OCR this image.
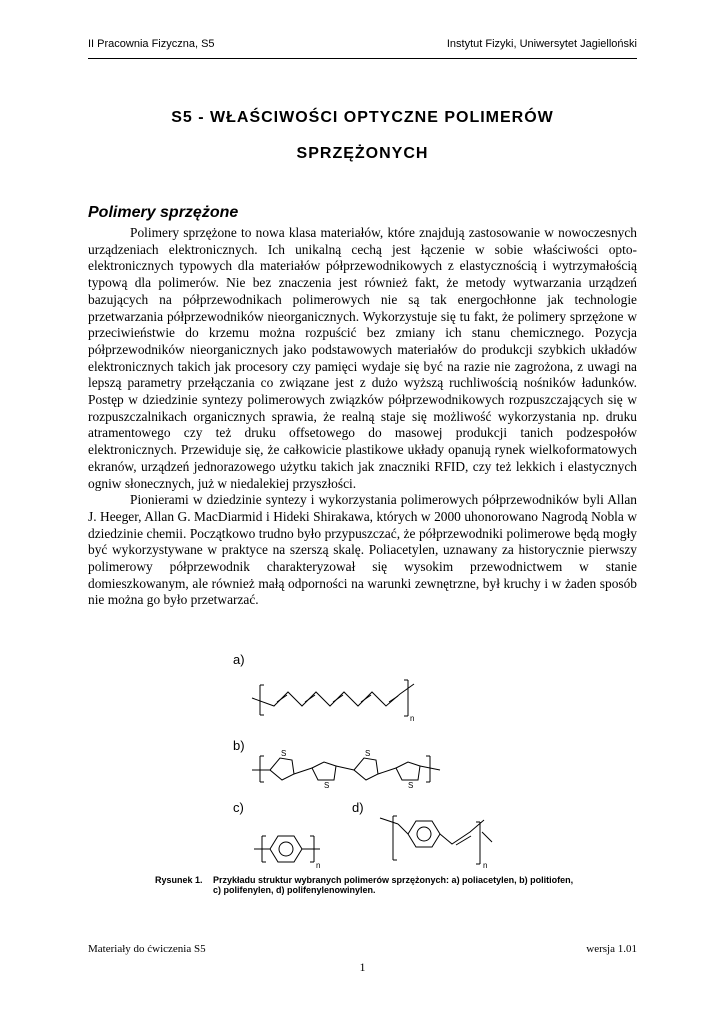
II Pracownia Fizyczna, S5	Instytut Fizyki, Uniwersytet Jagielloński
S5 - WŁAŚCIWOŚCI OPTYCZNE POLIMERÓW
SPRZĘŻONYCH
Polimery sprzężone

Polimery sprzężone to nowa klasa materiałów, które znajdują zastosowanie w nowoczesnych urządzeniach elektronicznych. Ich unikalną cechą jest łączenie w sobie właściwości opto-elektronicznych typowych dla materiałów półprzewodnikowych z elastycznością i wytrzymałością typową dla polimerów. Nie bez znaczenia jest również fakt, że metody wytwarzania urządzeń bazujących na półprzewodnikach polimerowych nie są tak energochłonne jak technologie przetwarzania półprzewodników nieorganicznych. Wykorzystuje się tu fakt, że polimery sprzężone w przeciwieństwie do krzemu można rozpuścić bez zmiany ich stanu chemicznego. Pozycja półprzewodników nieorganicznych jako podstawowych materiałów do produkcji szybkich układów elektronicznych takich jak procesory czy pamięci wydaje się być na razie nie zagrożona, z uwagi na lepszą parametry przełączania co związane jest z dużo wyższą ruchliwością nośników ładunków. Postęp w dziedzinie syntezy polimerowych związków półprzewodnikowych rozpuszczających się w rozpuszczalnikach organicznych sprawia, że realną staje się możliwość wykorzystania np. druku atramentowego czy też druku offsetowego do masowej produkcji tanich podzespołów elektronicznych. Przewiduje się, że całkowicie plastikowe układy opanują rynek wielkoformatowych ekranów, urządzeń jednorazowego użytku takich jak znaczniki RFID, czy też lekkich i elastycznych ogniw słonecznych, już w niedalekiej przyszłości.

Pionierami w dziedzinie syntezy i wykorzystania polimerowych półprzewodników byli Allan J. Heeger, Allan G. MacDiarmid i Hideki Shirakawa, których w 2000 uhonorowano Nagrodą Nobla w dziedzinie chemii. Początkowo trudno było przypuszczać, że półprzewodniki polimerowe będą mogły być wykorzystywane w praktyce na szerszą skalę. Poliacetylen, uznawany za historycznie pierwszy polimerowy półprzewodnik charakteryzował się wysokim przewodnictwem w stanie domieszkowanym, ale również małą odporności na warunki zewnętrzne, był kruchy i w żaden sposób nie można go było przetwarzać.

a)
b)
c)	d)
n
S
S
S
S
n	n
Rysunek 1.	Przykładu struktur wybranych polimerów sprzężonych: a) poliacetylen, b) politiofen, c) polifenylen, d) polifenylenowinylen.
Materiały do ćwiczenia S5	wersja 1.01
1
